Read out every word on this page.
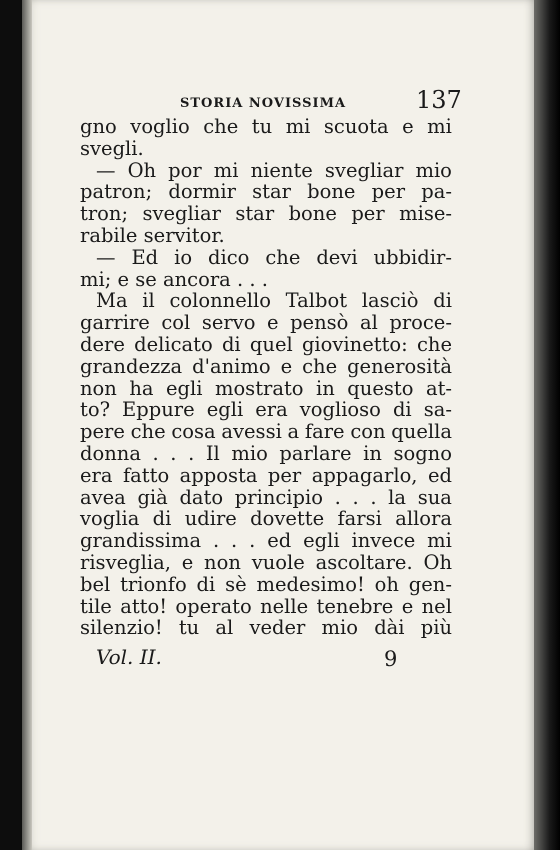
STORIA NOVISSIMA	137
gno voglio che tu mi scuota e mi
svegli.
— Oh por mi niente svegliar mio
patron; dormir star bone per pa-
tron; svegliar star bone per mise-
rabile servitor.
— Ed io dico che devi ubbidir-
mi; e se ancora . . .
Ma il colonnello Talbot lasciò di
garrire col servo e pensò al proce-
dere delicato di quel giovinetto: che
grandezza d'animo e che generosità
non ha egli mostrato in questo at-
to? Eppure egli era voglioso di sa-
pere che cosa avessi a fare con quella
donna . . . Il mio parlare in sogno
era fatto apposta per appagarlo, ed
avea già dato principio . . . la sua
voglia di udire dovette farsi allora
grandissima . . . ed egli invece mi
risveglia, e non vuole ascoltare. Oh
bel trionfo di sè medesimo! oh gen-
tile atto! operato nelle tenebre e nel
silenzio! tu al veder mio dài più
Vol. II.	9
